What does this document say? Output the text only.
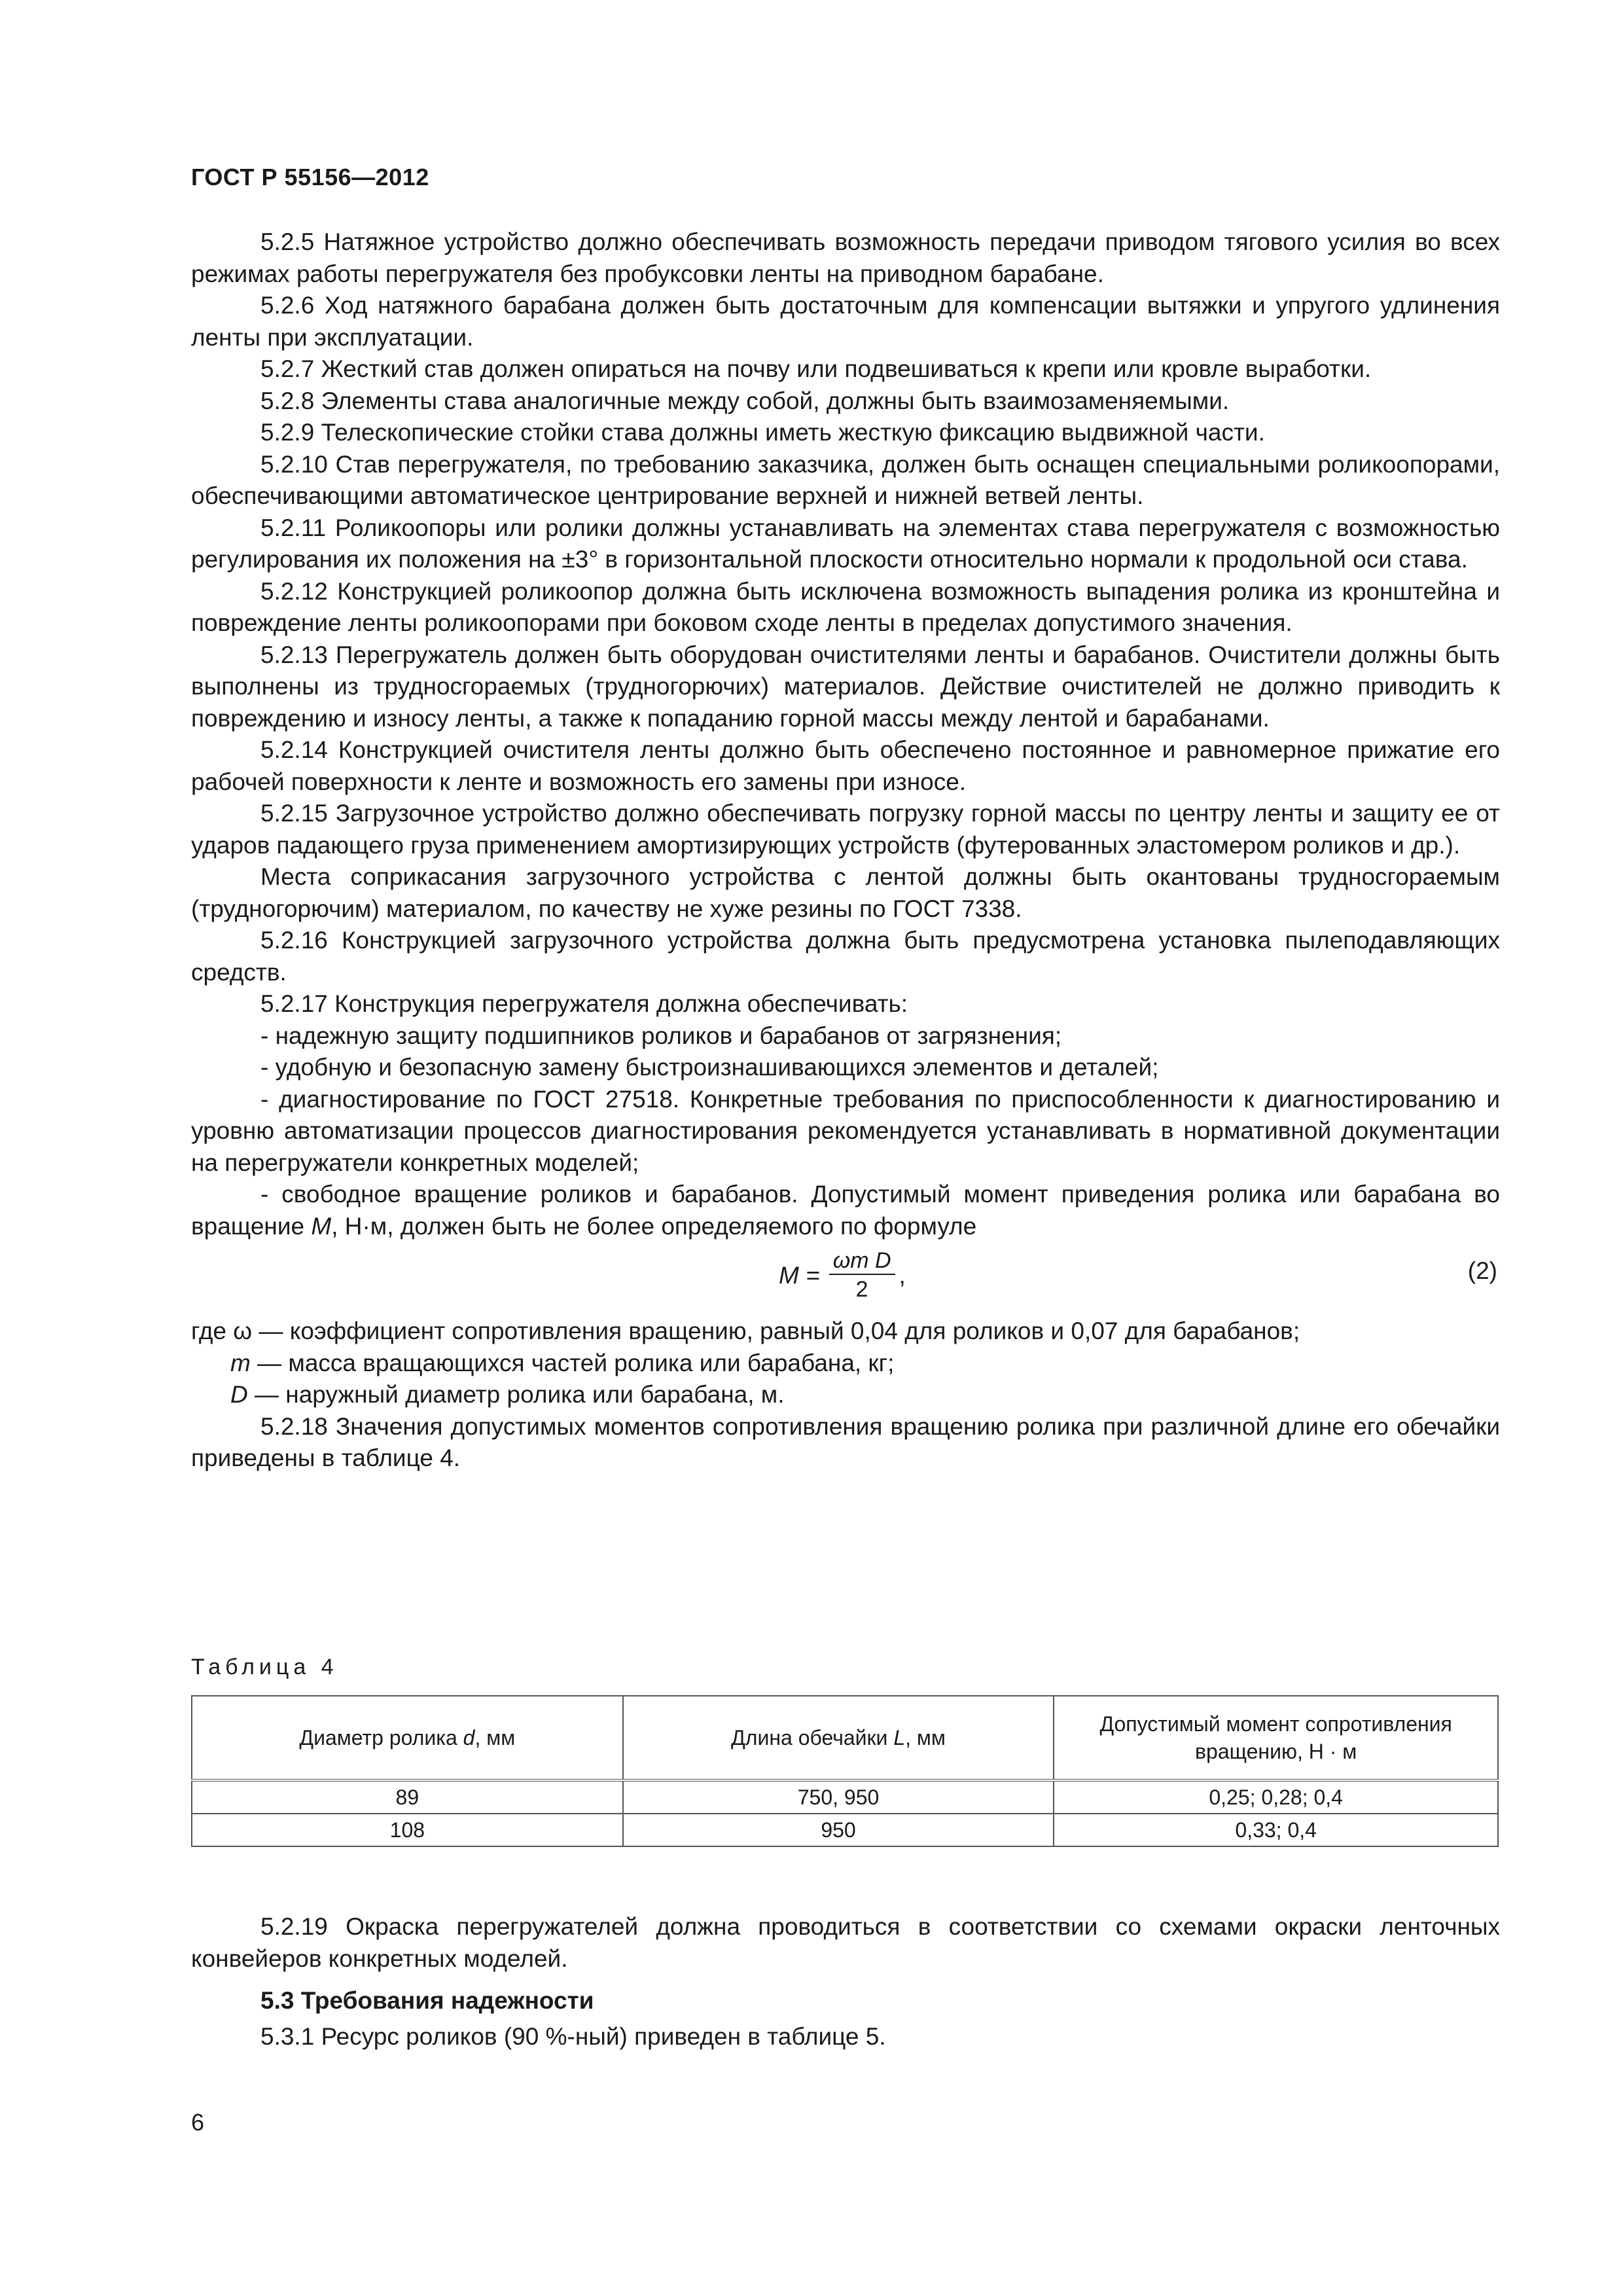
ГОСТ Р 55156—2012

5.2.5 Натяжное устройство должно обеспечивать возможность передачи приводом тягового усилия во всех режимах работы перегружателя без пробуксовки ленты на приводном барабане.

5.2.6 Ход натяжного барабана должен быть достаточным для компенсации вытяжки и упругого удлинения ленты при эксплуатации.

5.2.7 Жесткий став должен опираться на почву или подвешиваться к крепи или кровле выработки.

5.2.8 Элементы става аналогичные между собой, должны быть взаимозаменяемыми.

5.2.9 Телескопические стойки става должны иметь жесткую фиксацию выдвижной части.

5.2.10 Став перегружателя, по требованию заказчика, должен быть оснащен специальными роликоопорами, обеспечивающими автоматическое центрирование верхней и нижней ветвей ленты.

5.2.11 Роликоопоры или ролики должны устанавливать на элементах става перегружателя с возможностью регулирования их положения на ±3° в горизонтальной плоскости относительно нормали к продольной оси става.

5.2.12 Конструкцией роликоопор должна быть исключена возможность выпадения ролика из кронштейна и повреждение ленты роликоопорами при боковом сходе ленты в пределах допустимого значения.

5.2.13 Перегружатель должен быть оборудован очистителями ленты и барабанов. Очистители должны быть выполнены из трудносгораемых (трудногорючих) материалов. Действие очистителей не должно приводить к повреждению и износу ленты, а также к попаданию горной массы между лентой и барабанами.

5.2.14 Конструкцией очистителя ленты должно быть обеспечено постоянное и равномерное прижатие его рабочей поверхности к ленте и возможность его замены при износе.

5.2.15 Загрузочное устройство должно обеспечивать погрузку горной массы по центру ленты и защиту ее от ударов падающего груза применением амортизирующих устройств (футерованных эластомером роликов и др.).

Места соприкасания загрузочного устройства с лентой должны быть окантованы трудносгораемым (трудногорючим) материалом, по качеству не хуже резины по ГОСТ 7338.

5.2.16 Конструкцией загрузочного устройства должна быть предусмотрена установка пылеподавляющих средств.

5.2.17 Конструкция перегружателя должна обеспечивать:

- надежную защиту подшипников роликов и барабанов от загрязнения;

- удобную и безопасную замену быстроизнашивающихся элементов и деталей;

- диагностирование по ГОСТ 27518. Конкретные требования по приспособленности к диагностированию и уровню автоматизации процессов диагностирования рекомендуется устанавливать в нормативной документации на перегружатели конкретных моделей;

- свободное вращение роликов и барабанов. Допустимый момент приведения ролика или барабана во вращение M, Н·м, должен быть не более определяемого по формуле

$M = \frac{\text{ωm D}}{2}$ ,	(2)

где ω — коэффициент сопротивления вращению, равный 0,04 для роликов и 0,07 для барабанов;

m — масса вращающихся частей ролика или барабана, кг;

D — наружный диаметр ролика или барабана, м.

5.2.18 Значения допустимых моментов сопротивления вращению ролика при различной длине его обечайки приведены в таблице 4.

Таблица 4
Диаметр ролика d, мм	Длина обечайки L, мм	Допустимый момент сопротивления
вращению, Н · м
89	750, 950	0,25; 0,28; 0,4
108	950	0,33; 0,4

5.2.19 Окраска перегружателей должна проводиться в соответствии со схемами окраски ленточных конвейеров конкретных моделей.

5.3 Требования надежности

5.3.1 Ресурс роликов (90 %-ный) приведен в таблице 5.

6
